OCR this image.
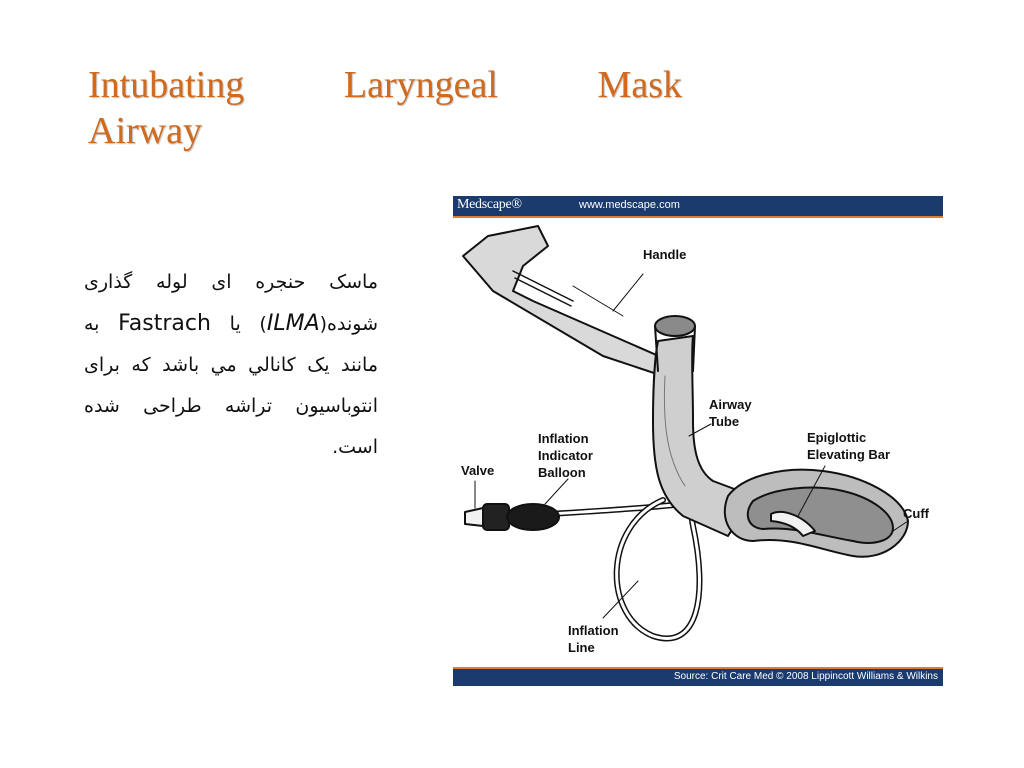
Intubating	Laryngeal	Mask
Airway
ماسک حنجره ای لوله گذاری شونده(ILMA) یا Fastrach به مانند یک کانالي مي باشد که برای انتوباسیون تراشه طراحی شده است.
Medscape®	www.medscape.com
Handle
Airway
Tube
Epiglottic
Elevating Bar
Cuff
Inflation
Indicator
Balloon
Valve
Inflation
Line
Source: Crit Care Med © 2008 Lippincott Williams & Wilkins
